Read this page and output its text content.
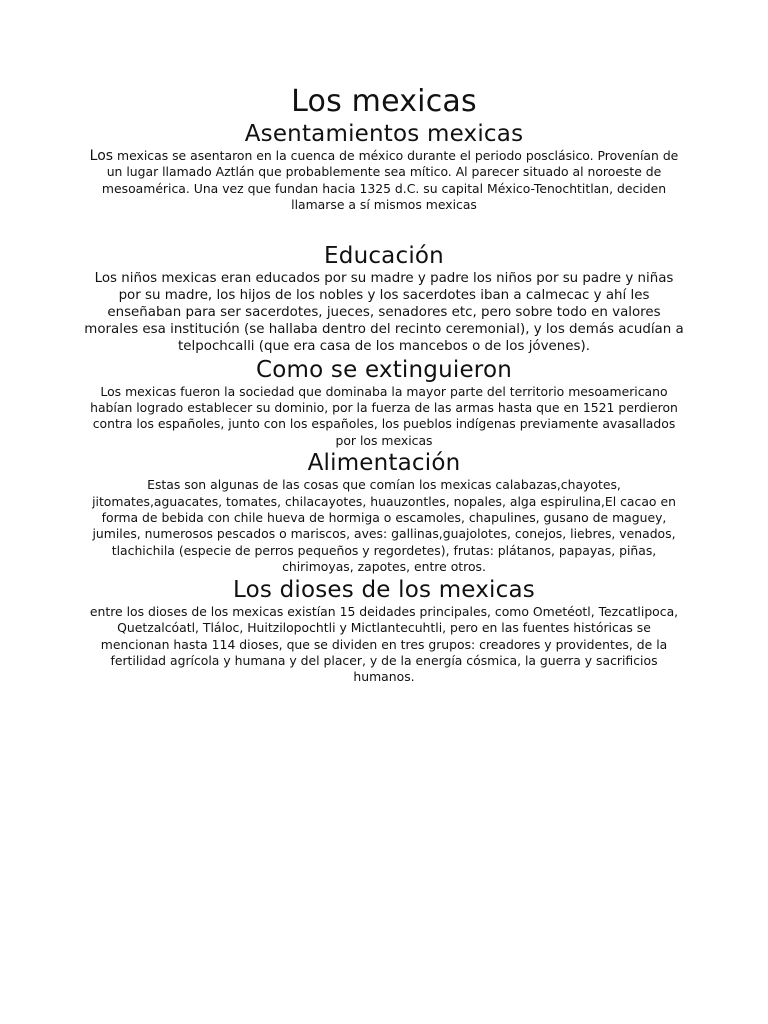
Los mexicas
Asentamientos mexicas

Los mexicas se asentaron en la cuenca de méxico durante el periodo posclásico. Provenían de un lugar llamado Aztlán que probablemente sea mítico. Al parecer situado al noroeste de mesoamérica. Una vez que fundan hacia 1325 d.C. su capital México-Tenochtitlan, deciden llamarse a sí mismos mexicas

Educación

Los niños mexicas eran educados por su madre y padre los niños por su padre y niñas por su madre, los hijos de los nobles y los sacerdotes iban a calmecac y ahí les enseñaban para ser sacerdotes, jueces, senadores etc, pero sobre todo en valores morales esa institución (se hallaba dentro del recinto ceremonial), y los demás acudían a telpochcalli (que era casa de los mancebos o de los jóvenes).

Como se extinguieron

Los mexicas fueron la sociedad que dominaba la mayor parte del territorio mesoamericano habían logrado establecer su dominio, por la fuerza de las armas hasta que en 1521 perdieron contra los españoles, junto con los españoles, los pueblos indígenas previamente avasallados por los mexicas

Alimentación

Estas son algunas de las cosas que comían los mexicas calabazas,chayotes, jitomates,aguacates, tomates, chilacayotes, huauzontles, nopales, alga espirulina,El cacao en forma de bebida con chile hueva de hormiga o escamoles, chapulines, gusano de maguey, jumiles, numerosos pescados o mariscos, aves: gallinas,guajolotes, conejos, liebres, venados, tlachichila (especie de perros pequeños y regordetes), frutas: plátanos, papayas, piñas, chirimoyas, zapotes, entre otros.

Los dioses de los mexicas

entre los dioses de los mexicas existían 15 deidades principales, como Ometéotl, Tezcatlipoca, Quetzalcóatl, Tláloc, Huitzilopochtli y Mictlantecuhtli, pero en las fuentes históricas se mencionan hasta 114 dioses, que se dividen en tres grupos: creadores y providentes, de la fertilidad agrícola y humana y del placer, y de la energía cósmica, la guerra y sacrificios humanos.
